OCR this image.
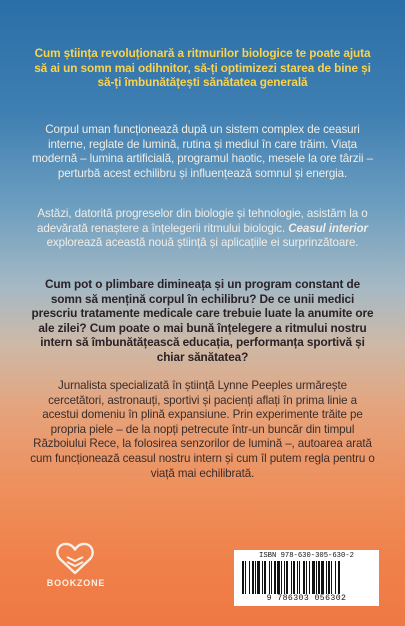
Cum știința revoluționară a ritmurilor biologice te poate ajuta să ai un somn mai odihnitor, să-ți optimizezi starea de bine și să-ți îmbunătățești sănătatea generală

Corpul uman funcționează după un sistem complex de ceasuri interne, reglate de lumină, rutina și mediul în care trăim. Viața modernă – lumina artificială, programul haotic, mesele la ore târzii – perturbă acest echilibru și influențează somnul și energia.

Astăzi, datorită progreselor din biologie și tehnologie, asistăm la o adevărată renaștere a înțelegerii ritmului biologic. Ceasul interior explorează această nouă știință și aplicațiile ei surprinzătoare.

Cum pot o plimbare dimineața și un program constant de somn să mențină corpul în echilibru? De ce unii medici prescriu tratamente medicale care trebuie luate la anumite ore ale zilei? Cum poate o mai bună înțelegere a ritmului nostru intern să îmbunătățească educația, performanța sportivă și chiar sănătatea?

Jurnalista specializată în știință Lynne Peeples urmărește cercetători, astronauți, sportivi și pacienți aflați în prima linie a acestui domeniu în plină expansiune. Prin experimente trăite pe propria piele – de la nopți petrecute într-un buncăr din timpul Războiului Rece, la folosirea senzorilor de lumină –, autoarea arată cum funcționează ceasul nostru intern și cum îl putem regla pentru o viață mai echilibrată.

BOOKZONE
ISBN 978-630-305-630-2
9 786303 056302
